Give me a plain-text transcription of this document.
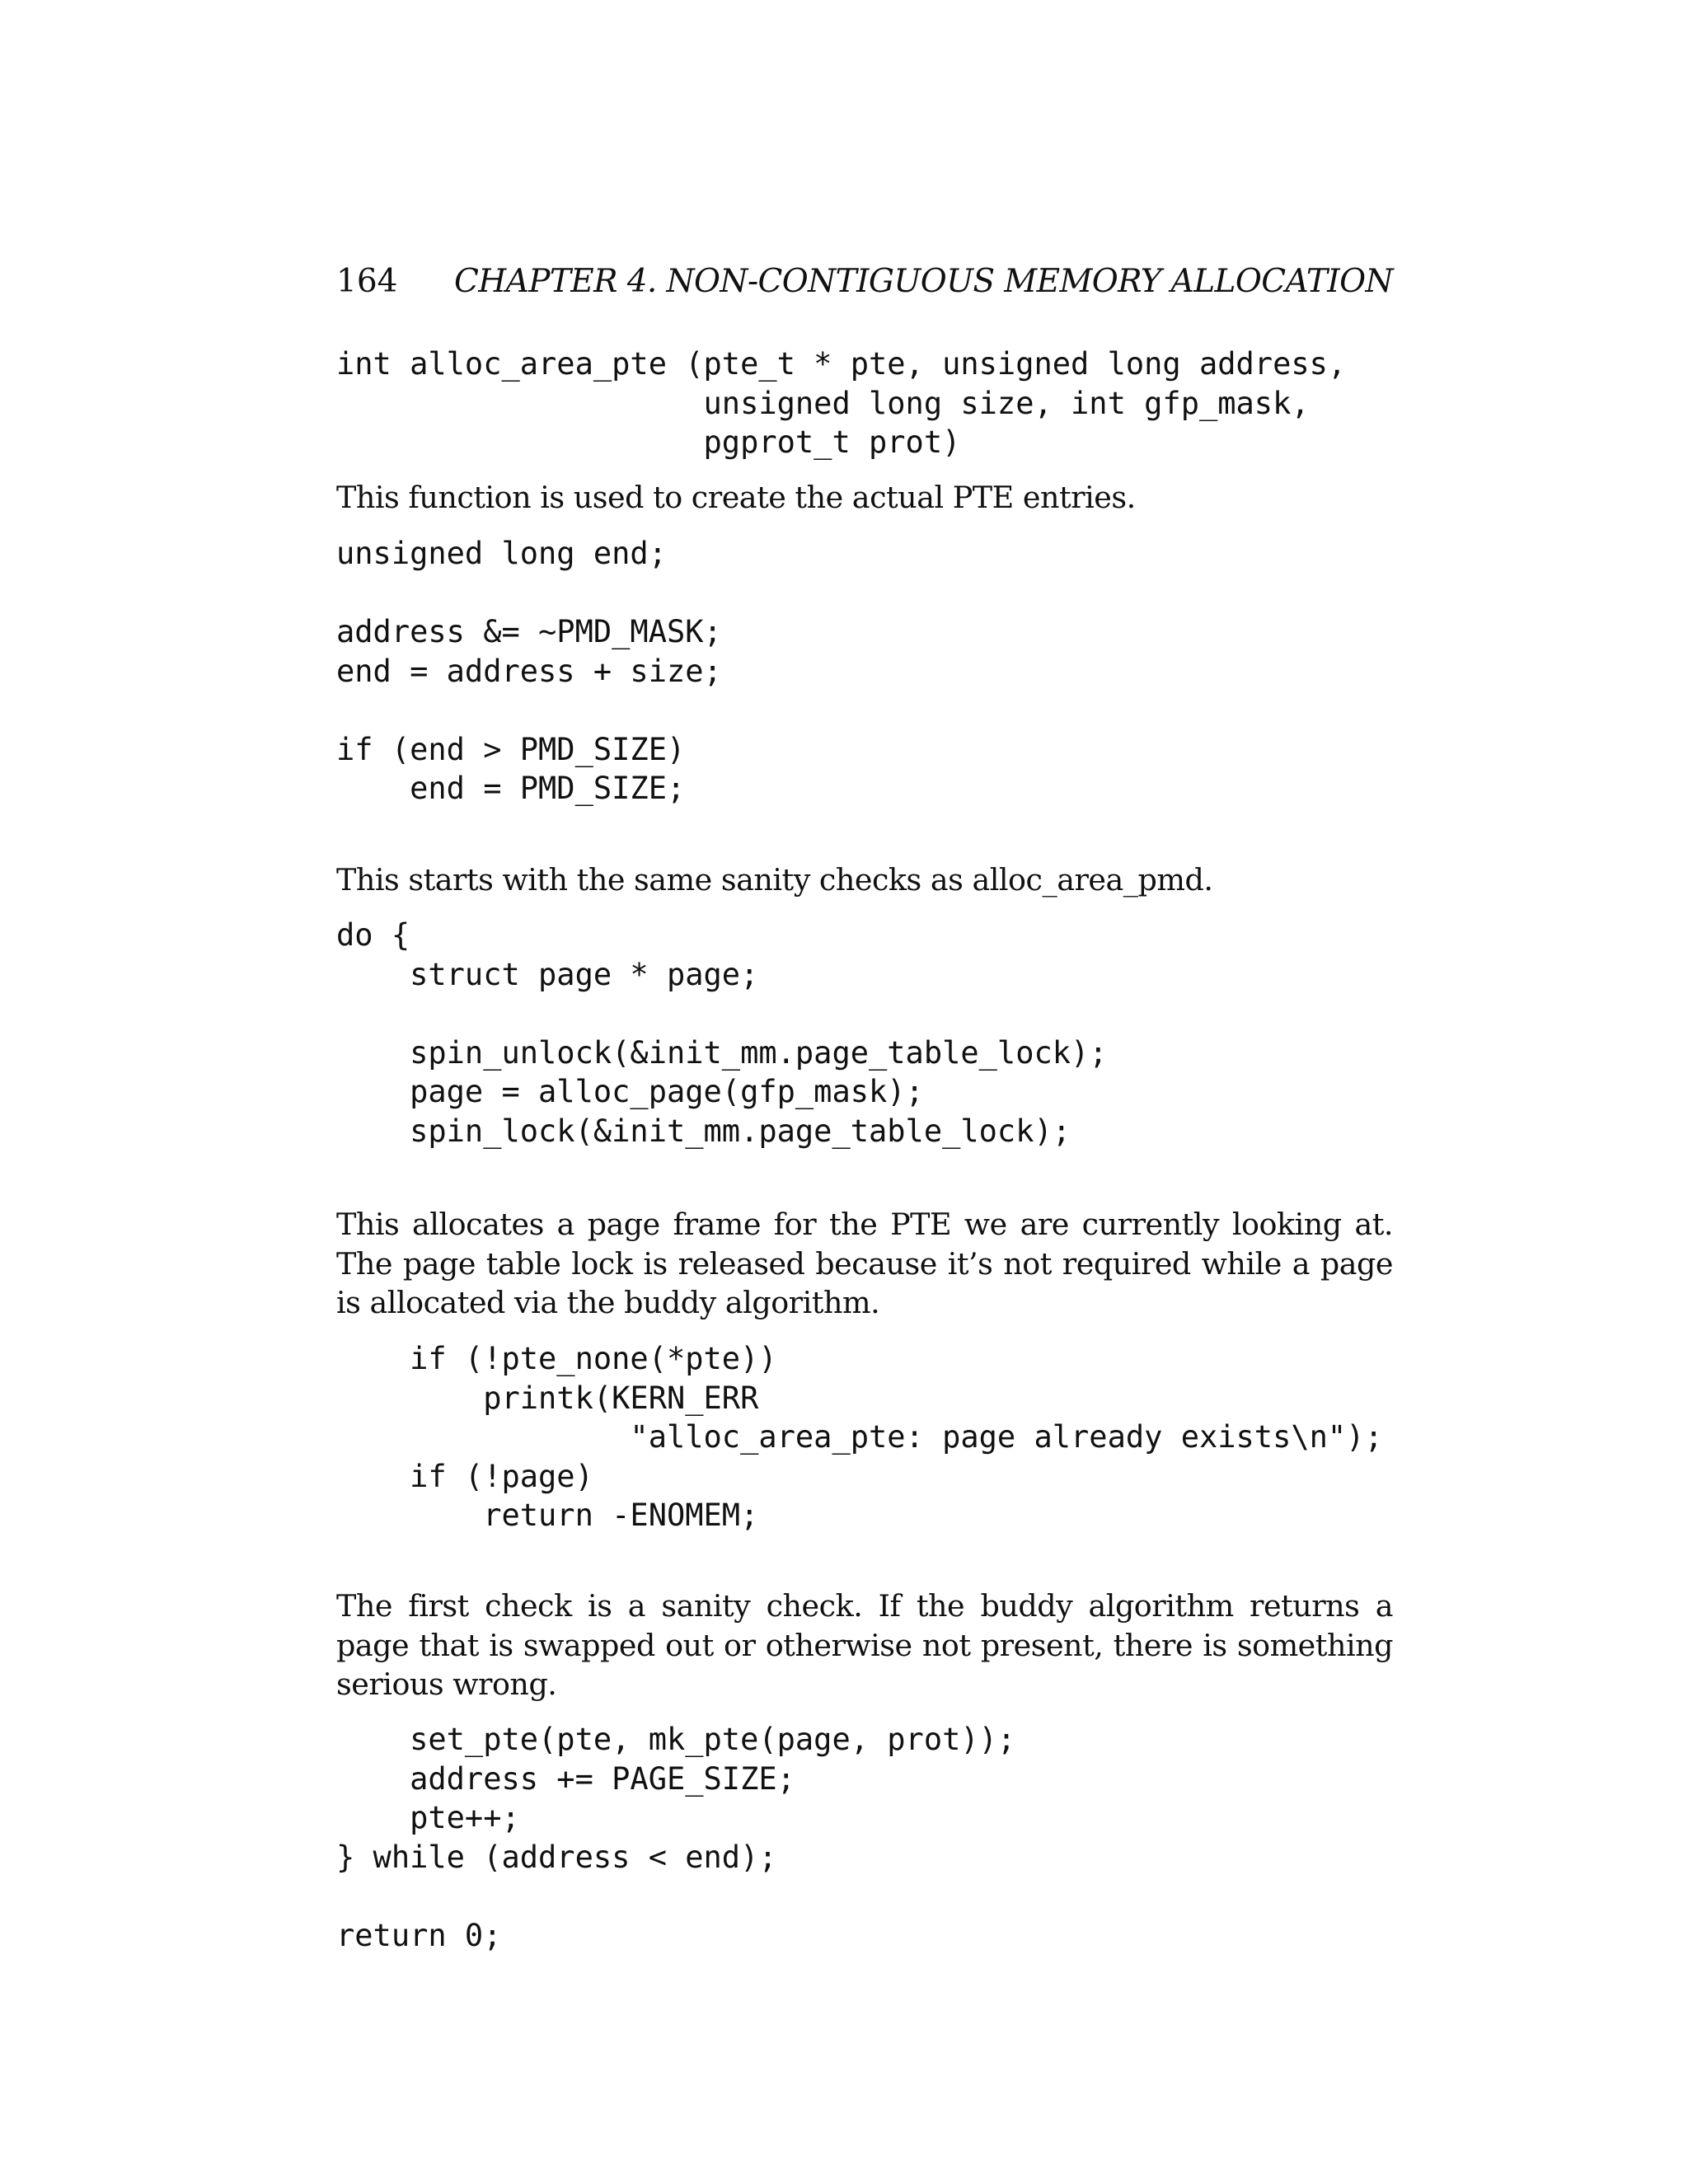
164 CHAPTER 4. NON-CONTIGUOUS MEMORY ALLOCATION
int alloc_area_pte (pte_t * pte, unsigned long address,
unsigned long size, int gfp_mask,
pgprot_t prot)

This function is used to create the actual PTE entries.

unsigned long end;

address &= ~PMD_MASK;
end = address + size;

if (end > PMD_SIZE)
end = PMD_SIZE;

This starts with the same sanity checks as alloc_area_pmd.

do {
struct page * page;

spin_unlock(&init_mm.page_table_lock);
page = alloc_page(gfp_mask);
spin_lock(&init_mm.page_table_lock);

This allocates a page frame for the PTE we are currently looking at. The page table lock is released because it’s not required while a page is allocated via the buddy algorithm.

if (!pte_none(*pte))
printk(KERN_ERR
"alloc_area_pte: page already exists\n");
if (!page)
return -ENOMEM;

The first check is a sanity check. If the buddy algorithm returns a page that is swapped out or otherwise not present, there is something serious wrong.

set_pte(pte, mk_pte(page, prot));
address += PAGE_SIZE;
pte++;
} while (address < end);

return 0;
